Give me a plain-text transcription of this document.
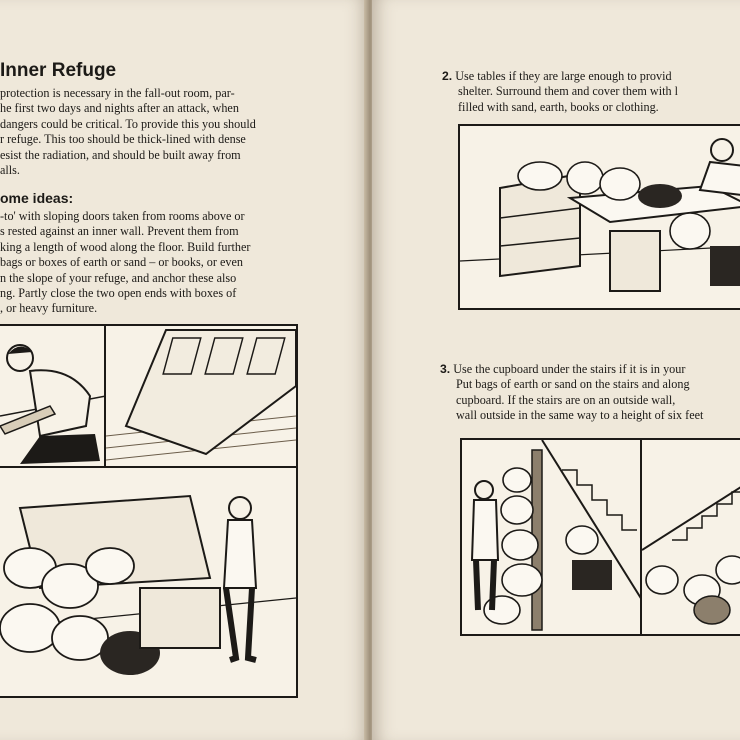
Inner Refuge
protection is necessary in the fall-out room, par-
he first two days and nights after an attack, when
dangers could be critical. To provide this you should
r refuge. This too should be thick-lined with dense
esist the radiation, and should be built away from
alls.
ome ideas:
-to' with sloping doors taken from rooms above or
s rested against an inner wall. Prevent them from
king a length of wood along the floor. Build further
bags or boxes of earth or sand – or books, or even
n the slope of your refuge, and anchor these also
ng. Partly close the two open ends with boxes of
, or heavy furniture.
2. Use tables if they are large enough to provid
shelter. Surround them and cover them with l
filled with sand, earth, books or clothing.
3. Use the cupboard under the stairs if it is in your
Put bags of earth or sand on the stairs and along
cupboard. If the stairs are on an outside wall,
wall outside in the same way to a height of six feet
